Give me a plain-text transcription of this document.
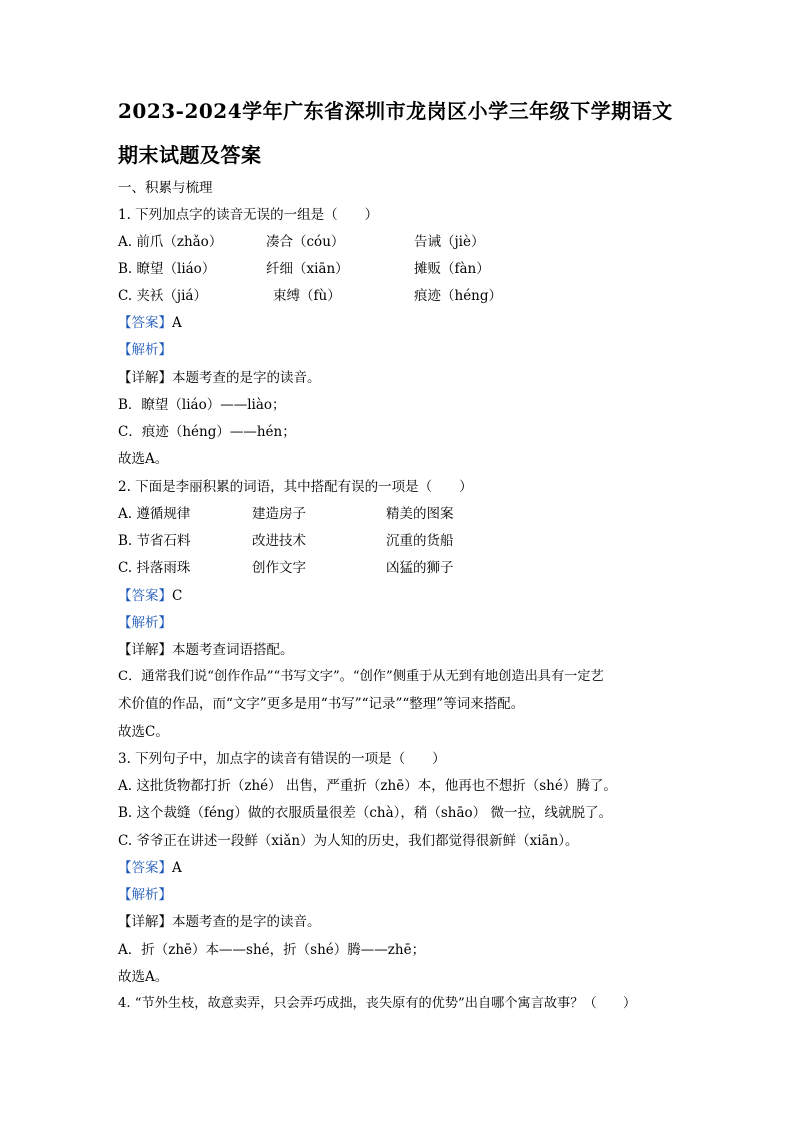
2023-2024学年广东省深圳市龙岗区小学三年级下学期语文
期末试题及答案
一、积累与梳理
1. 下列加点字的读音无误的一组是（　　）
A. 前爪（zhǎo）	凑合（cóu）	告诫（jiè）
B. 瞭望（liáo）	纤细（xiān）	摊贩（fàn）
C. 夹袄（jiá）	束缚（fù）	痕迹（héng）
【答案】A
【解析】
【详解】本题考查的是字的读音。
B．瞭望（liáo）——liào；
C．痕迹（héng）——hén；
故选A。
2. 下面是李丽积累的词语，其中搭配有误的一项是（　　）
A. 遵循规律	建造房子	精美的图案
B. 节省石料	改进技术	沉重的货船
C. 抖落雨珠	创作文字	凶猛的狮子
【答案】C
【解析】
【详解】本题考查词语搭配。
C．通常我们说“创作作品”“书写文字”。“创作”侧重于从无到有地创造出具有一定艺
术价值的作品，而“文字”更多是用“书写”“记录”“整理”等词来搭配。
故选C。
3. 下列句子中，加点字的读音有错误的一项是（　　）
A. 这批货物都打折（zhé） 出售，严重折（zhē）本，他再也不想折（shé）腾了。
B. 这个裁缝（féng）做的衣服质量很差（chà），稍（shāo） 微一拉，线就脱了。
C. 爷爷正在讲述一段鲜（xiǎn）为人知的历史，我们都觉得很新鲜（xiān）。
【答案】A
【解析】
【详解】本题考查的是字的读音。
A．折（zhē）本——shé，折（shé）腾——zhē；
故选A。
4. “节外生枝，故意卖弄，只会弄巧成拙，丧失原有的优势”出自哪个寓言故事？（　　）
